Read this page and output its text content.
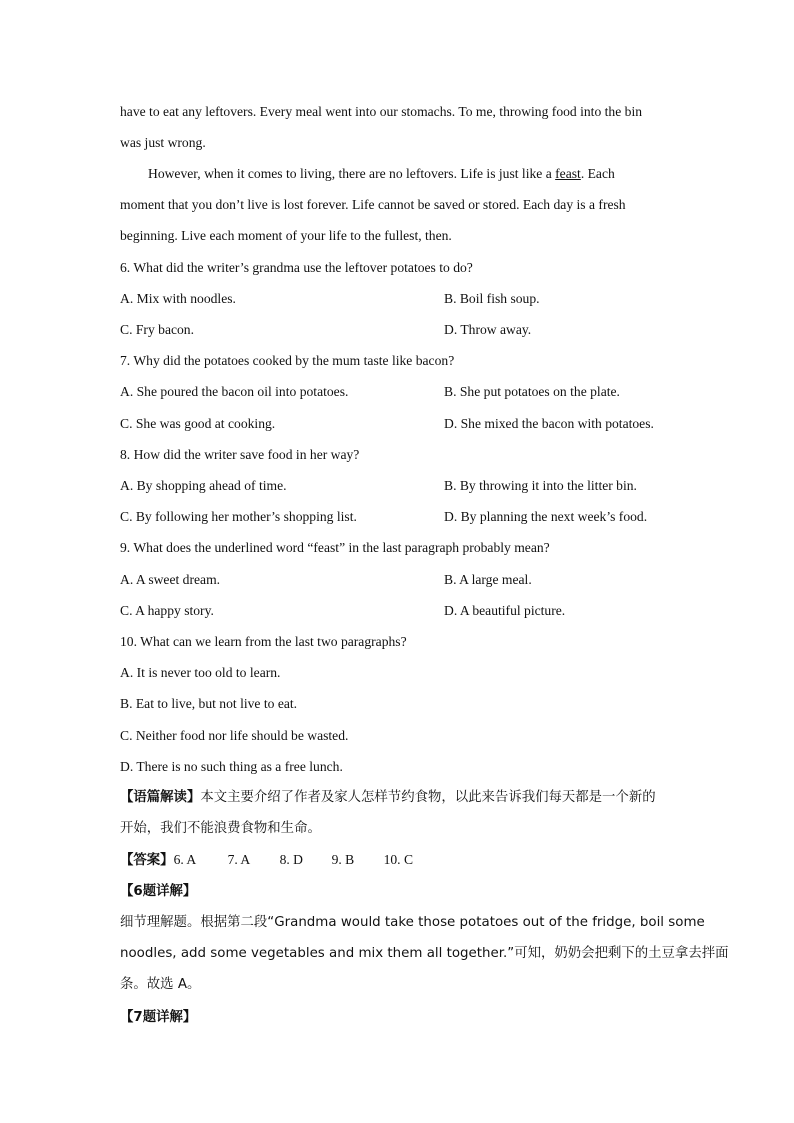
have to eat any leftovers. Every meal went into our stomachs. To me, throwing food into the bin
was just wrong.
However, when it comes to living, there are no leftovers. Life is just like a feast. Each
moment that you don’t live is lost forever. Life cannot be saved or stored. Each day is a fresh
beginning. Live each moment of your life to the fullest, then.
6. What did the writer’s grandma use the leftover potatoes to do?
A. Mix with noodles.	B. Boil fish soup.
C. Fry bacon.	D. Throw away.
7. Why did the potatoes cooked by the mum taste like bacon?
A. She poured the bacon oil into potatoes.	B. She put potatoes on the plate.
C. She was good at cooking.	D. She mixed the bacon with potatoes.
8. How did the writer save food in her way?
A. By shopping ahead of time.	B. By throwing it into the litter bin.
C. By following her mother’s shopping list.	D. By planning the next week’s food.
9. What does the underlined word “feast” in the last paragraph probably mean?
A. A sweet dream.	B. A large meal.
C. A happy story.	D. A beautiful picture.
10. What can we learn from the last two paragraphs?
A. It is never too old to learn.
B. Eat to live, but not live to eat.
C. Neither food nor life should be wasted.
D. There is no such thing as a free lunch.
【语篇解读】本文主要介绍了作者及家人怎样节约食物，以此来告诉我们每天都是一个新的
开始，我们不能浪费食物和生命。
【答案】6. A 7. A 8. D 9. B 10. C
【6题详解】
细节理解题。根据第二段“Grandma would take those potatoes out of the fridge, boil some
noodles, add some vegetables and mix them all together.”可知，奶奶会把剩下的土豆拿去拌面
条。故选 A。
【7题详解】
